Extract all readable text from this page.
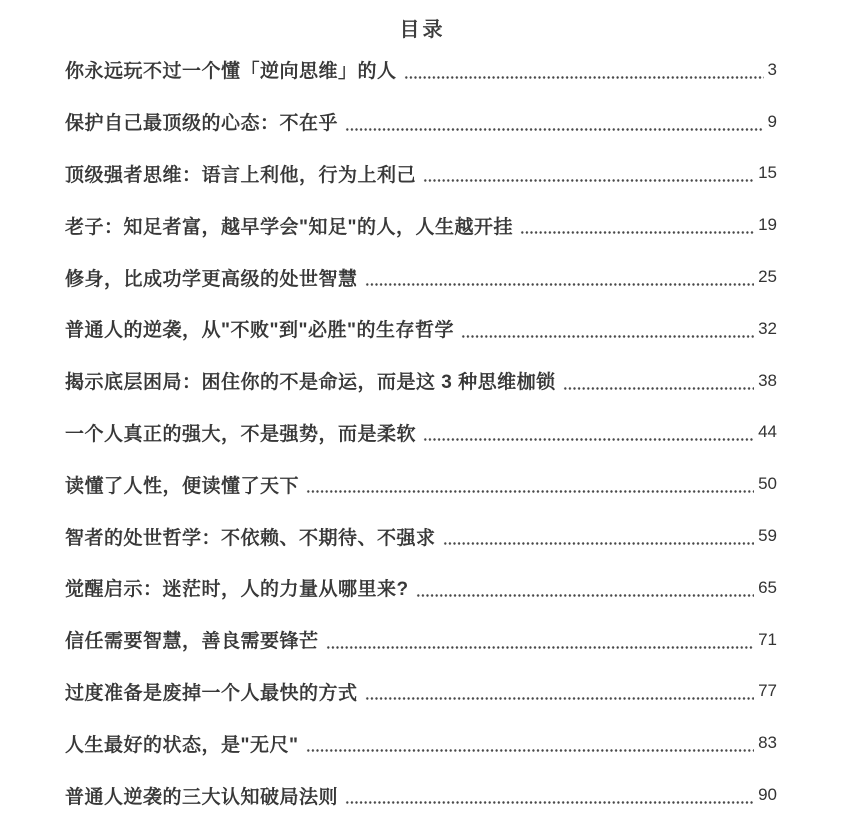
目录
你永远玩不过一个懂「逆向思维」的人	3
保护自己最顶级的心态：不在乎	9
顶级强者思维：语言上利他，行为上利己	15
老子：知足者富，越早学会"知足"的人，人生越开挂	19
修身，比成功学更高级的处世智慧	25
普通人的逆袭，从"不败"到"必胜"的生存哲学	32
揭示底层困局：困住你的不是命运，而是这 3 种思维枷锁	38
一个人真正的强大，不是强势，而是柔软	44
读懂了人性，便读懂了天下	50
智者的处世哲学：不依赖、不期待、不强求	59
觉醒启示：迷茫时，人的力量从哪里来?	65
信任需要智慧，善良需要锋芒	71
过度准备是废掉一个人最快的方式	77
人生最好的状态，是"无尺"	83
普通人逆袭的三大认知破局法则	90
